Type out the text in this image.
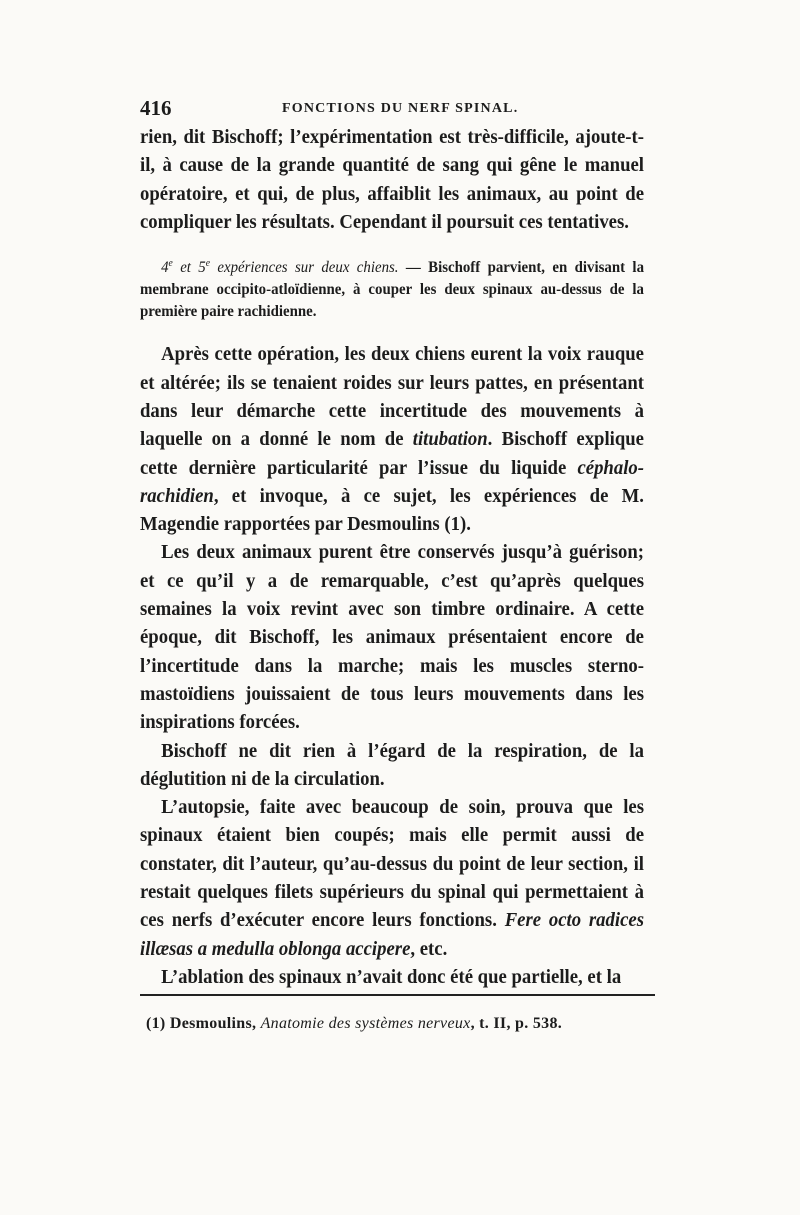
416	FONCTIONS DU NERF SPINAL.

rien, dit Bischoff; l’expérimentation est très-difficile, ajoute-t-il, à cause de la grande quantité de sang qui gêne le manuel opératoire, et qui, de plus, affaiblit les animaux, au point de compliquer les résultats. Cependant il poursuit ces tentatives.

4e et 5e expériences sur deux chiens. — Bischoff parvient, en divisant la membrane occipito-atloïdienne, à couper les deux spinaux au-dessus de la première paire rachidienne.

Après cette opération, les deux chiens eurent la voix rauque et altérée; ils se tenaient roides sur leurs pattes, en présentant dans leur démarche cette incertitude des mouvements à laquelle on a donné le nom de titubation. Bischoff explique cette dernière particularité par l’issue du liquide céphalo-rachidien, et invoque, à ce sujet, les expériences de M. Magendie rapportées par Desmoulins (1).

Les deux animaux purent être conservés jusqu’à guérison; et ce qu’il y a de remarquable, c’est qu’après quelques semaines la voix revint avec son timbre ordinaire. A cette époque, dit Bischoff, les animaux présentaient encore de l’incertitude dans la marche; mais les muscles sterno-mastoïdiens jouissaient de tous leurs mouvements dans les inspirations forcées.

Bischoff ne dit rien à l’égard de la respiration, de la déglutition ni de la circulation.

L’autopsie, faite avec beaucoup de soin, prouva que les spinaux étaient bien coupés; mais elle permit aussi de constater, dit l’auteur, qu’au-dessus du point de leur section, il restait quelques filets supérieurs du spinal qui permettaient à ces nerfs d’exécuter encore leurs fonctions. Fere octo radices illæsas a medulla oblonga accipere, etc.

L’ablation des spinaux n’avait donc été que partielle, et la

(1) Desmoulins, Anatomie des systèmes nerveux, t. II, p. 538.
